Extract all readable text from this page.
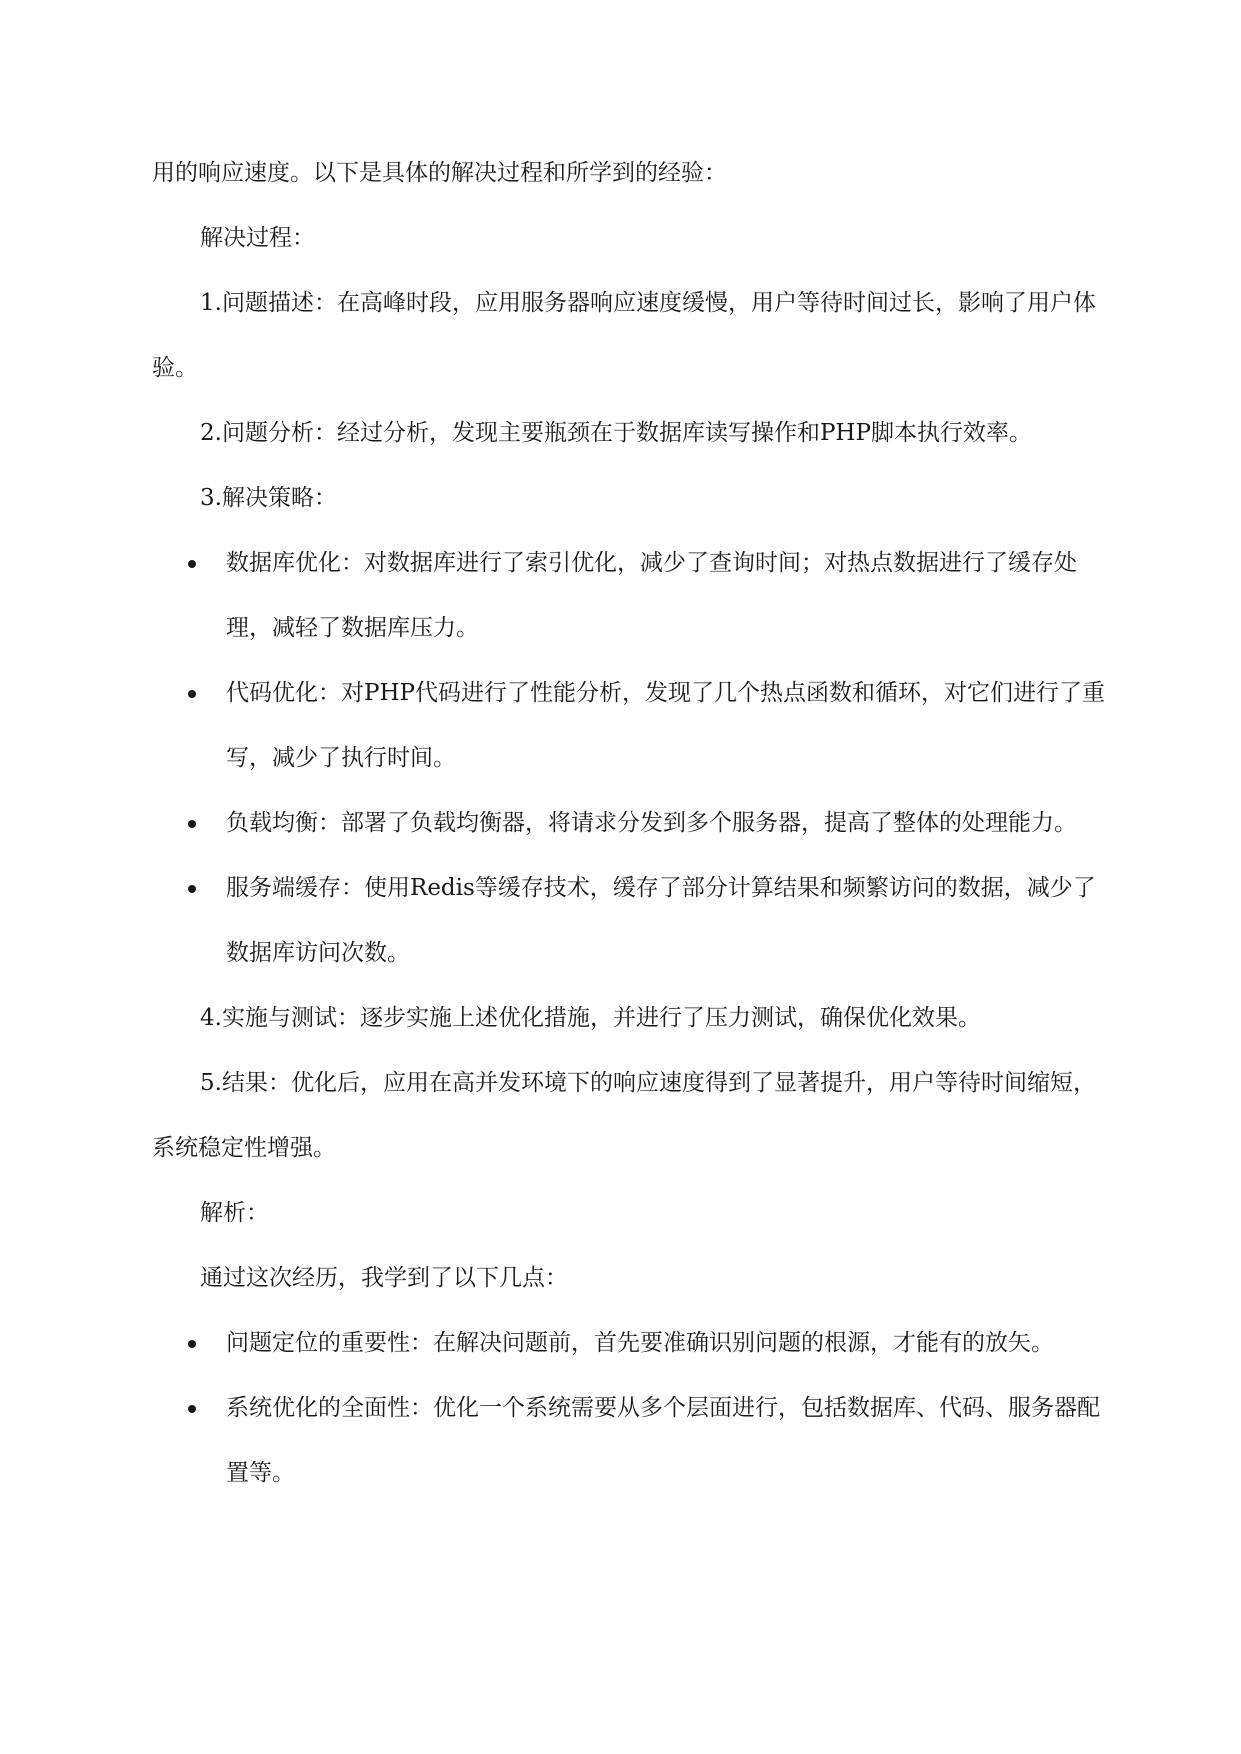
用的响应速度。以下是具体的解决过程和所学到的经验：

解决过程：

1.问题描述：在高峰时段，应用服务器响应速度缓慢，用户等待时间过长，影响了用户体验。

2.问题分析：经过分析，发现主要瓶颈在于数据库读写操作和PHP脚本执行效率。

3.解决策略：

数据库优化：对数据库进行了索引优化，减少了查询时间；对热点数据进行了缓存处理，减轻了数据库压力。
代码优化：对PHP代码进行了性能分析，发现了几个热点函数和循环，对它们进行了重写，减少了执行时间。
负载均衡：部署了负载均衡器，将请求分发到多个服务器，提高了整体的处理能力。
服务端缓存：使用Redis等缓存技术，缓存了部分计算结果和频繁访问的数据，减少了数据库访问次数。

4.实施与测试：逐步实施上述优化措施，并进行了压力测试，确保优化效果。

5.结果：优化后，应用在高并发环境下的响应速度得到了显著提升，用户等待时间缩短，系统稳定性增强。

解析：

通过这次经历，我学到了以下几点：

问题定位的重要性：在解决问题前，首先要准确识别问题的根源，才能有的放矢。
系统优化的全面性：优化一个系统需要从多个层面进行，包括数据库、代码、服务器配置等。
